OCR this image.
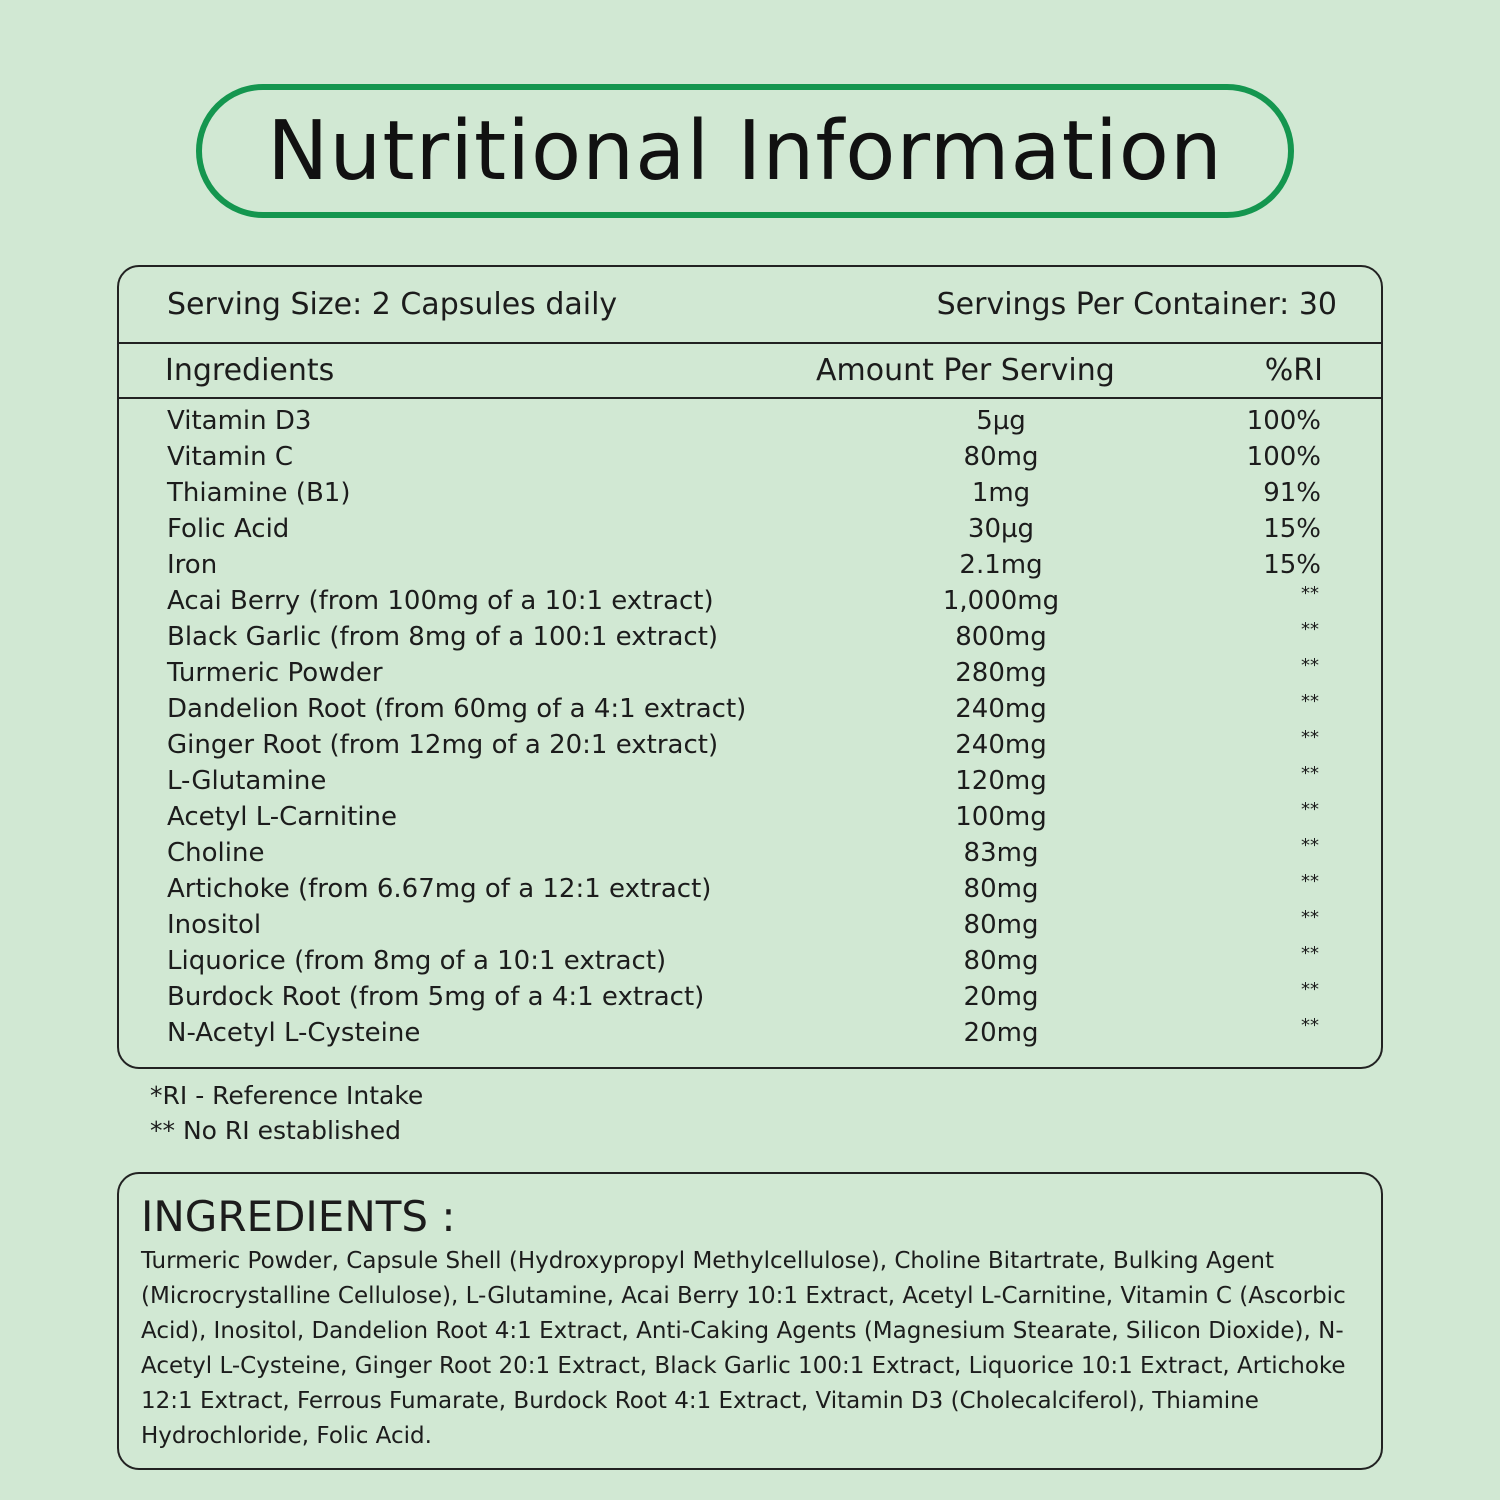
Nutritional Information
Serving Size: 2 Capsules daily	Servings Per Container: 30
Ingredients	Amount Per Serving	%RI
Vitamin D3	5µg	100%
Vitamin C	80mg	100%
Thiamine (B1)	1mg	91%
Folic Acid	30µg	15%
Iron	2.1mg	15%
Acai Berry (from 100mg of a 10:1 extract)	1,000mg	**
Black Garlic (from 8mg of a 100:1 extract)	800mg	**
Turmeric Powder	280mg	**
Dandelion Root (from 60mg of a 4:1 extract)	240mg	**
Ginger Root (from 12mg of a 20:1 extract)	240mg	**
L-Glutamine	120mg	**
Acetyl L-Carnitine	100mg	**
Choline	83mg	**
Artichoke (from 6.67mg of a 12:1 extract)	80mg	**
Inositol	80mg	**
Liquorice (from 8mg of a 10:1 extract)	80mg	**
Burdock Root (from 5mg of a 4:1 extract)	20mg	**
N-Acetyl L-Cysteine	20mg	**
*RI - Reference Intake
** No RI established
INGREDIENTS :
Turmeric Powder, Capsule Shell (Hydroxypropyl Methylcellulose), Choline Bitartrate, Bulking Agent (Microcrystalline Cellulose), L-Glutamine, Acai Berry 10:1 Extract, Acetyl L-Carnitine, Vitamin C (Ascorbic Acid), Inositol, Dandelion Root 4:1 Extract, Anti-Caking Agents (Magnesium Stearate, Silicon Dioxide), N-Acetyl L-Cysteine, Ginger Root 20:1 Extract, Black Garlic 100:1 Extract, Liquorice 10:1 Extract, Artichoke 12:1 Extract, Ferrous Fumarate, Burdock Root 4:1 Extract, Vitamin D3 (Cholecalciferol), Thiamine Hydrochloride, Folic Acid.
